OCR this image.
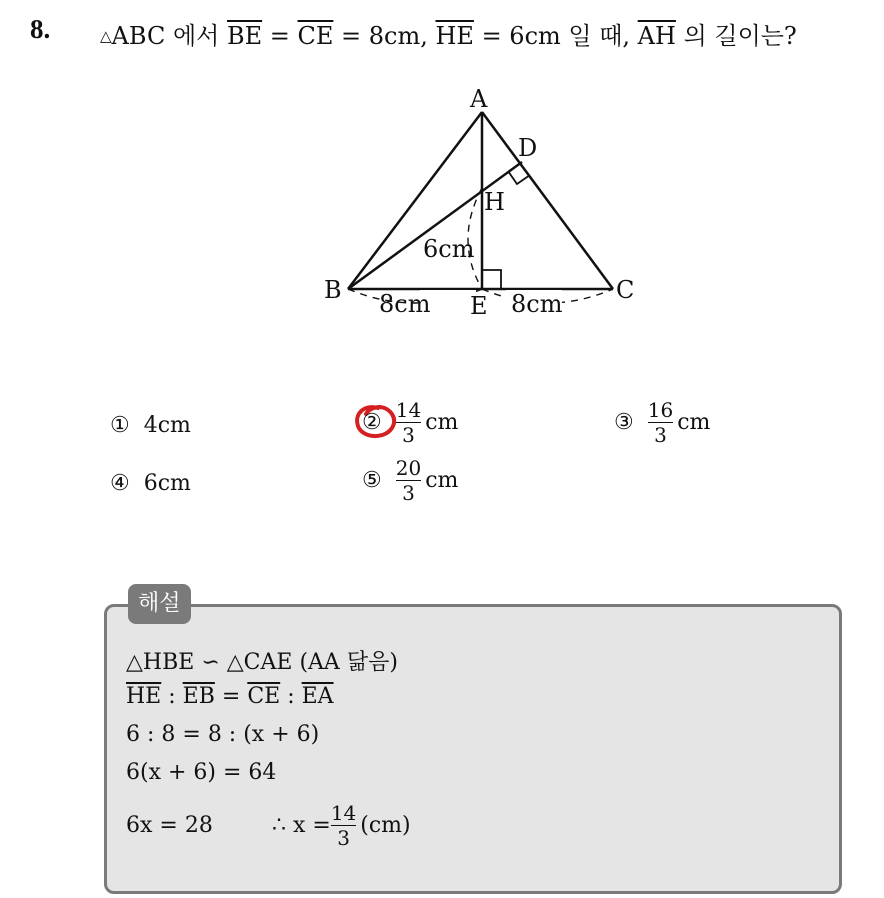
8.	△ABC 에서 $\overline{BE} = \overline{CE} = 8cm$, $\overline{HE} = 6cm$ 일 때, $\overline{AH}$ 의 길이는?
A
B	C
D
E
H
6cm
8cm	8cm
① 4cm	② $\frac{14}{3}$ cm	③ $\frac{16}{3}$ cm
④ 6cm	⑤ $\frac{20}{3}$ cm
해설
△HBE ∽ △CAE (AA 닮음)
$\overline{HE}$ : $\overline{EB} = \overline{CE}$ : $\overline{EA}$
6 : 8 = 8 : (x + 6)
6(x + 6) = 64
6x = 28	∴ $x = \frac{14}{3} (cm)$
